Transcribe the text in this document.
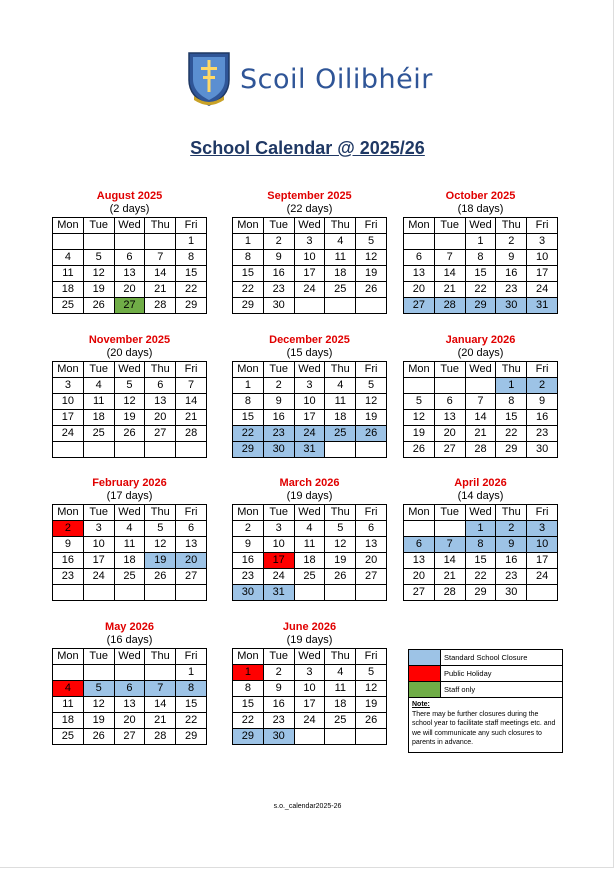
Scoil Oilibhéir
School Calendar @ 2025/26
August 2025
(2 days)
Mon	Tue	Wed	Thu	Fri
				1
4	5	6	7	8
11	12	13	14	15
18	19	20	21	22
25	26	27	28	29
September 2025
(22 days)
Mon	Tue	Wed	Thu	Fri
1	2	3	4	5
8	9	10	11	12
15	16	17	18	19
22	23	24	25	26
29	30			
October 2025
(18 days)
Mon	Tue	Wed	Thu	Fri
		1	2	3
6	7	8	9	10
13	14	15	16	17
20	21	22	23	24
27	28	29	30	31
November 2025
(20 days)
Mon	Tue	Wed	Thu	Fri
3	4	5	6	7
10	11	12	13	14
17	18	19	20	21
24	25	26	27	28

December 2025
(15 days)
Mon	Tue	Wed	Thu	Fri
1	2	3	4	5
8	9	10	11	12
15	16	17	18	19
22	23	24	25	26
29	30	31		
January 2026
(20 days)
Mon	Tue	Wed	Thu	Fri
			1	2
5	6	7	8	9
12	13	14	15	16
19	20	21	22	23
26	27	28	29	30
February 2026
(17 days)
Mon	Tue	Wed	Thu	Fri
2	3	4	5	6
9	10	11	12	13
16	17	18	19	20
23	24	25	26	27

March 2026
(19 days)
Mon	Tue	Wed	Thu	Fri
2	3	4	5	6
9	10	11	12	13
16	17	18	19	20
23	24	25	26	27
30	31			
April 2026
(14 days)
Mon	Tue	Wed	Thu	Fri
		1	2	3
6	7	8	9	10
13	14	15	16	17
20	21	22	23	24
27	28	29	30	
May 2026
(16 days)
Mon	Tue	Wed	Thu	Fri
				1
4	5	6	7	8
11	12	13	14	15
18	19	20	21	22
25	26	27	28	29
June 2026
(19 days)
Mon	Tue	Wed	Thu	Fri
1	2	3	4	5
8	9	10	11	12
15	16	17	18	19
22	23	24	25	26
29	30			
	Standard School Closure
	Public Holiday
	Staff only
Note:
There may be further closures during the school year to facilitate staff meetings etc. and we will communicate any such closures to parents in advance.
s.o._calendar2025-26
